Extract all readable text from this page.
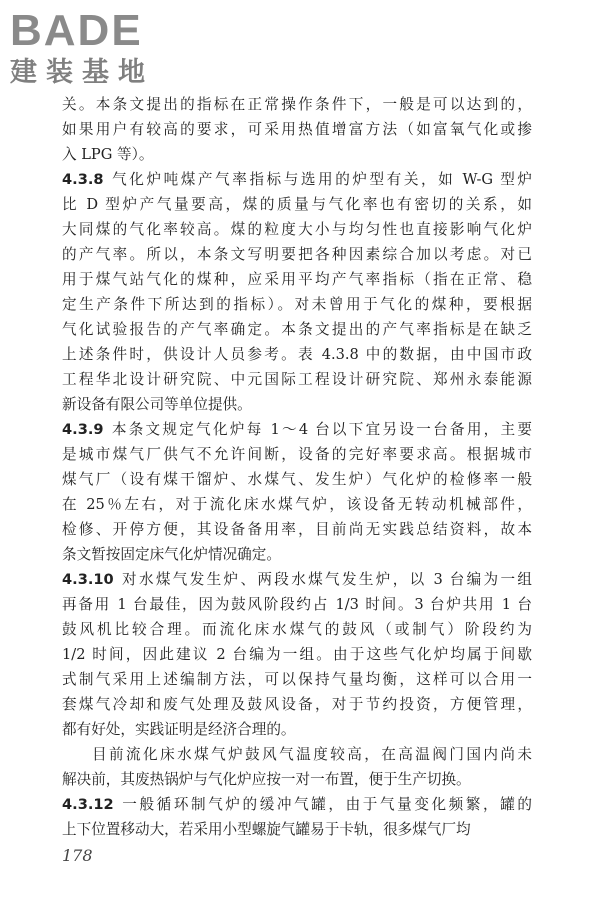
BADE
建装基地
关。本条文提出的指标在正常操作条件下，一般是可以达到的，
如果用户有较高的要求，可采用热值增富方法（如富氧气化或掺
入 LPG 等）。
4.3.8 气化炉吨煤产气率指标与选用的炉型有关，如 W-G 型炉
比 D 型炉产气量要高，煤的质量与气化率也有密切的关系，如
大同煤的气化率较高。煤的粒度大小与均匀性也直接影响气化炉
的产气率。所以，本条文写明要把各种因素综合加以考虑。对已
用于煤气站气化的煤种，应采用平均产气率指标（指在正常、稳
定生产条件下所达到的指标）。对未曾用于气化的煤种，要根据
气化试验报告的产气率确定。本条文提出的产气率指标是在缺乏
上述条件时，供设计人员参考。表 4.3.8 中的数据，由中国市政
工程华北设计研究院、中元国际工程设计研究院、郑州永泰能源
新设备有限公司等单位提供。
4.3.9 本条文规定气化炉每 1～4 台以下宜另设一台备用，主要
是城市煤气厂供气不允许间断，设备的完好率要求高。根据城市
煤气厂（设有煤干馏炉、水煤气、发生炉）气化炉的检修率一般
在 25％左右，对于流化床水煤气炉，该设备无转动机械部件，
检修、开停方便，其设备备用率，目前尚无实践总结资料，故本
条文暂按固定床气化炉情况确定。
4.3.10 对水煤气发生炉、两段水煤气发生炉，以 3 台编为一组
再备用 1 台最佳，因为鼓风阶段约占 1/3 时间。3 台炉共用 1 台
鼓风机比较合理。而流化床水煤气的鼓风（或制气）阶段约为
1/2 时间，因此建议 2 台编为一组。由于这些气化炉均属于间歇
式制气采用上述编制方法，可以保持气量均衡，这样可以合用一
套煤气冷却和废气处理及鼓风设备，对于节约投资，方便管理，
都有好处，实践证明是经济合理的。
目前流化床水煤气炉鼓风气温度较高，在高温阀门国内尚未
解决前，其废热锅炉与气化炉应按一对一布置，便于生产切换。
4.3.12 一般循环制气炉的缓冲气罐，由于气量变化频繁，罐的
上下位置移动大，若采用小型螺旋气罐易于卡轨，很多煤气厂均
178
